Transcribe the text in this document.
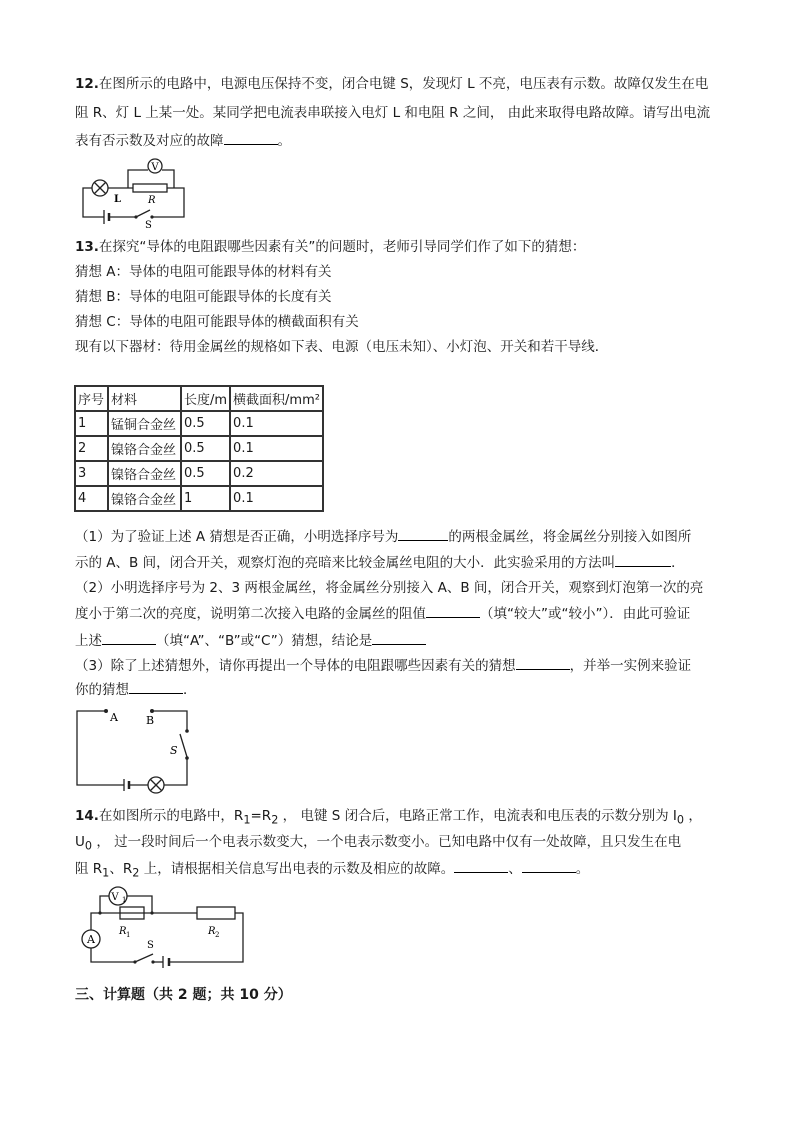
12.在图所示的电路中，电源电压保持不变，闭合电键 S，发现灯 L 不亮，电压表有示数。故障仅发生在电
阻 R、灯 L 上某一处。某同学把电流表串联接入电灯 L 和电阻 R 之间， 由此来取得电路故障。请写出电流
表有否示数及对应的故障	。
V
L	R
S
13.在探究“导体的电阻跟哪些因素有关”的问题时，老师引导同学们作了如下的猜想：
猜想 A：导体的电阻可能跟导体的材料有关
猜想 B：导体的电阻可能跟导体的长度有关
猜想 C：导体的电阻可能跟导体的横截面积有关
现有以下器材：待用金属丝的规格如下表、电源（电压未知）、小灯泡、开关和若干导线．
序号	材料	长度/m	横截面积/mm²
1	锰铜合金丝	0.5	0.1
2	镍铬合金丝	0.5	0.1
3	镍铬合金丝	0.5	0.2
4	镍铬合金丝	1	0.1
（1）为了验证上述 A 猜想是否正确，小明选择序号为	的两根金属丝，将金属丝分别接入如图所
示的 A、B 间，闭合开关，观察灯泡的亮暗来比较金属丝电阻的大小．此实验采用的方法叫	．
（2）小明选择序号为 2、3 两根金属丝，将金属丝分别接入 A、B 间，闭合开关，观察到灯泡第一次的亮
度小于第二次的亮度，说明第二次接入电路的金属丝的阻值	（填“较大”或“较小”）．由此可验证
上述	（填“A”、“B”或“C”）猜想，结论是
（3）除了上述猜想外，请你再提出一个导体的电阻跟哪些因素有关的猜想	，并举一实例来验证
你的猜想	．
A	B
S
14.在如图所示的电路中，$R_1=R_2$ ， 电键 S 闭合后，电路正常工作，电流表和电压表的示数分别为 $I_0$ ，
$U_0$ ， 过一段时间后一个电表示数变大，一个电表示数变小。已知电路中仅有一处故障，且只发生在电
阻 $R_1$、$R_2$ 上，请根据相关信息写出电表的示数及相应的故障。	、	。
V 1
A
R 1	R 2
S
三、计算题（共 2 题；共 10 分）
